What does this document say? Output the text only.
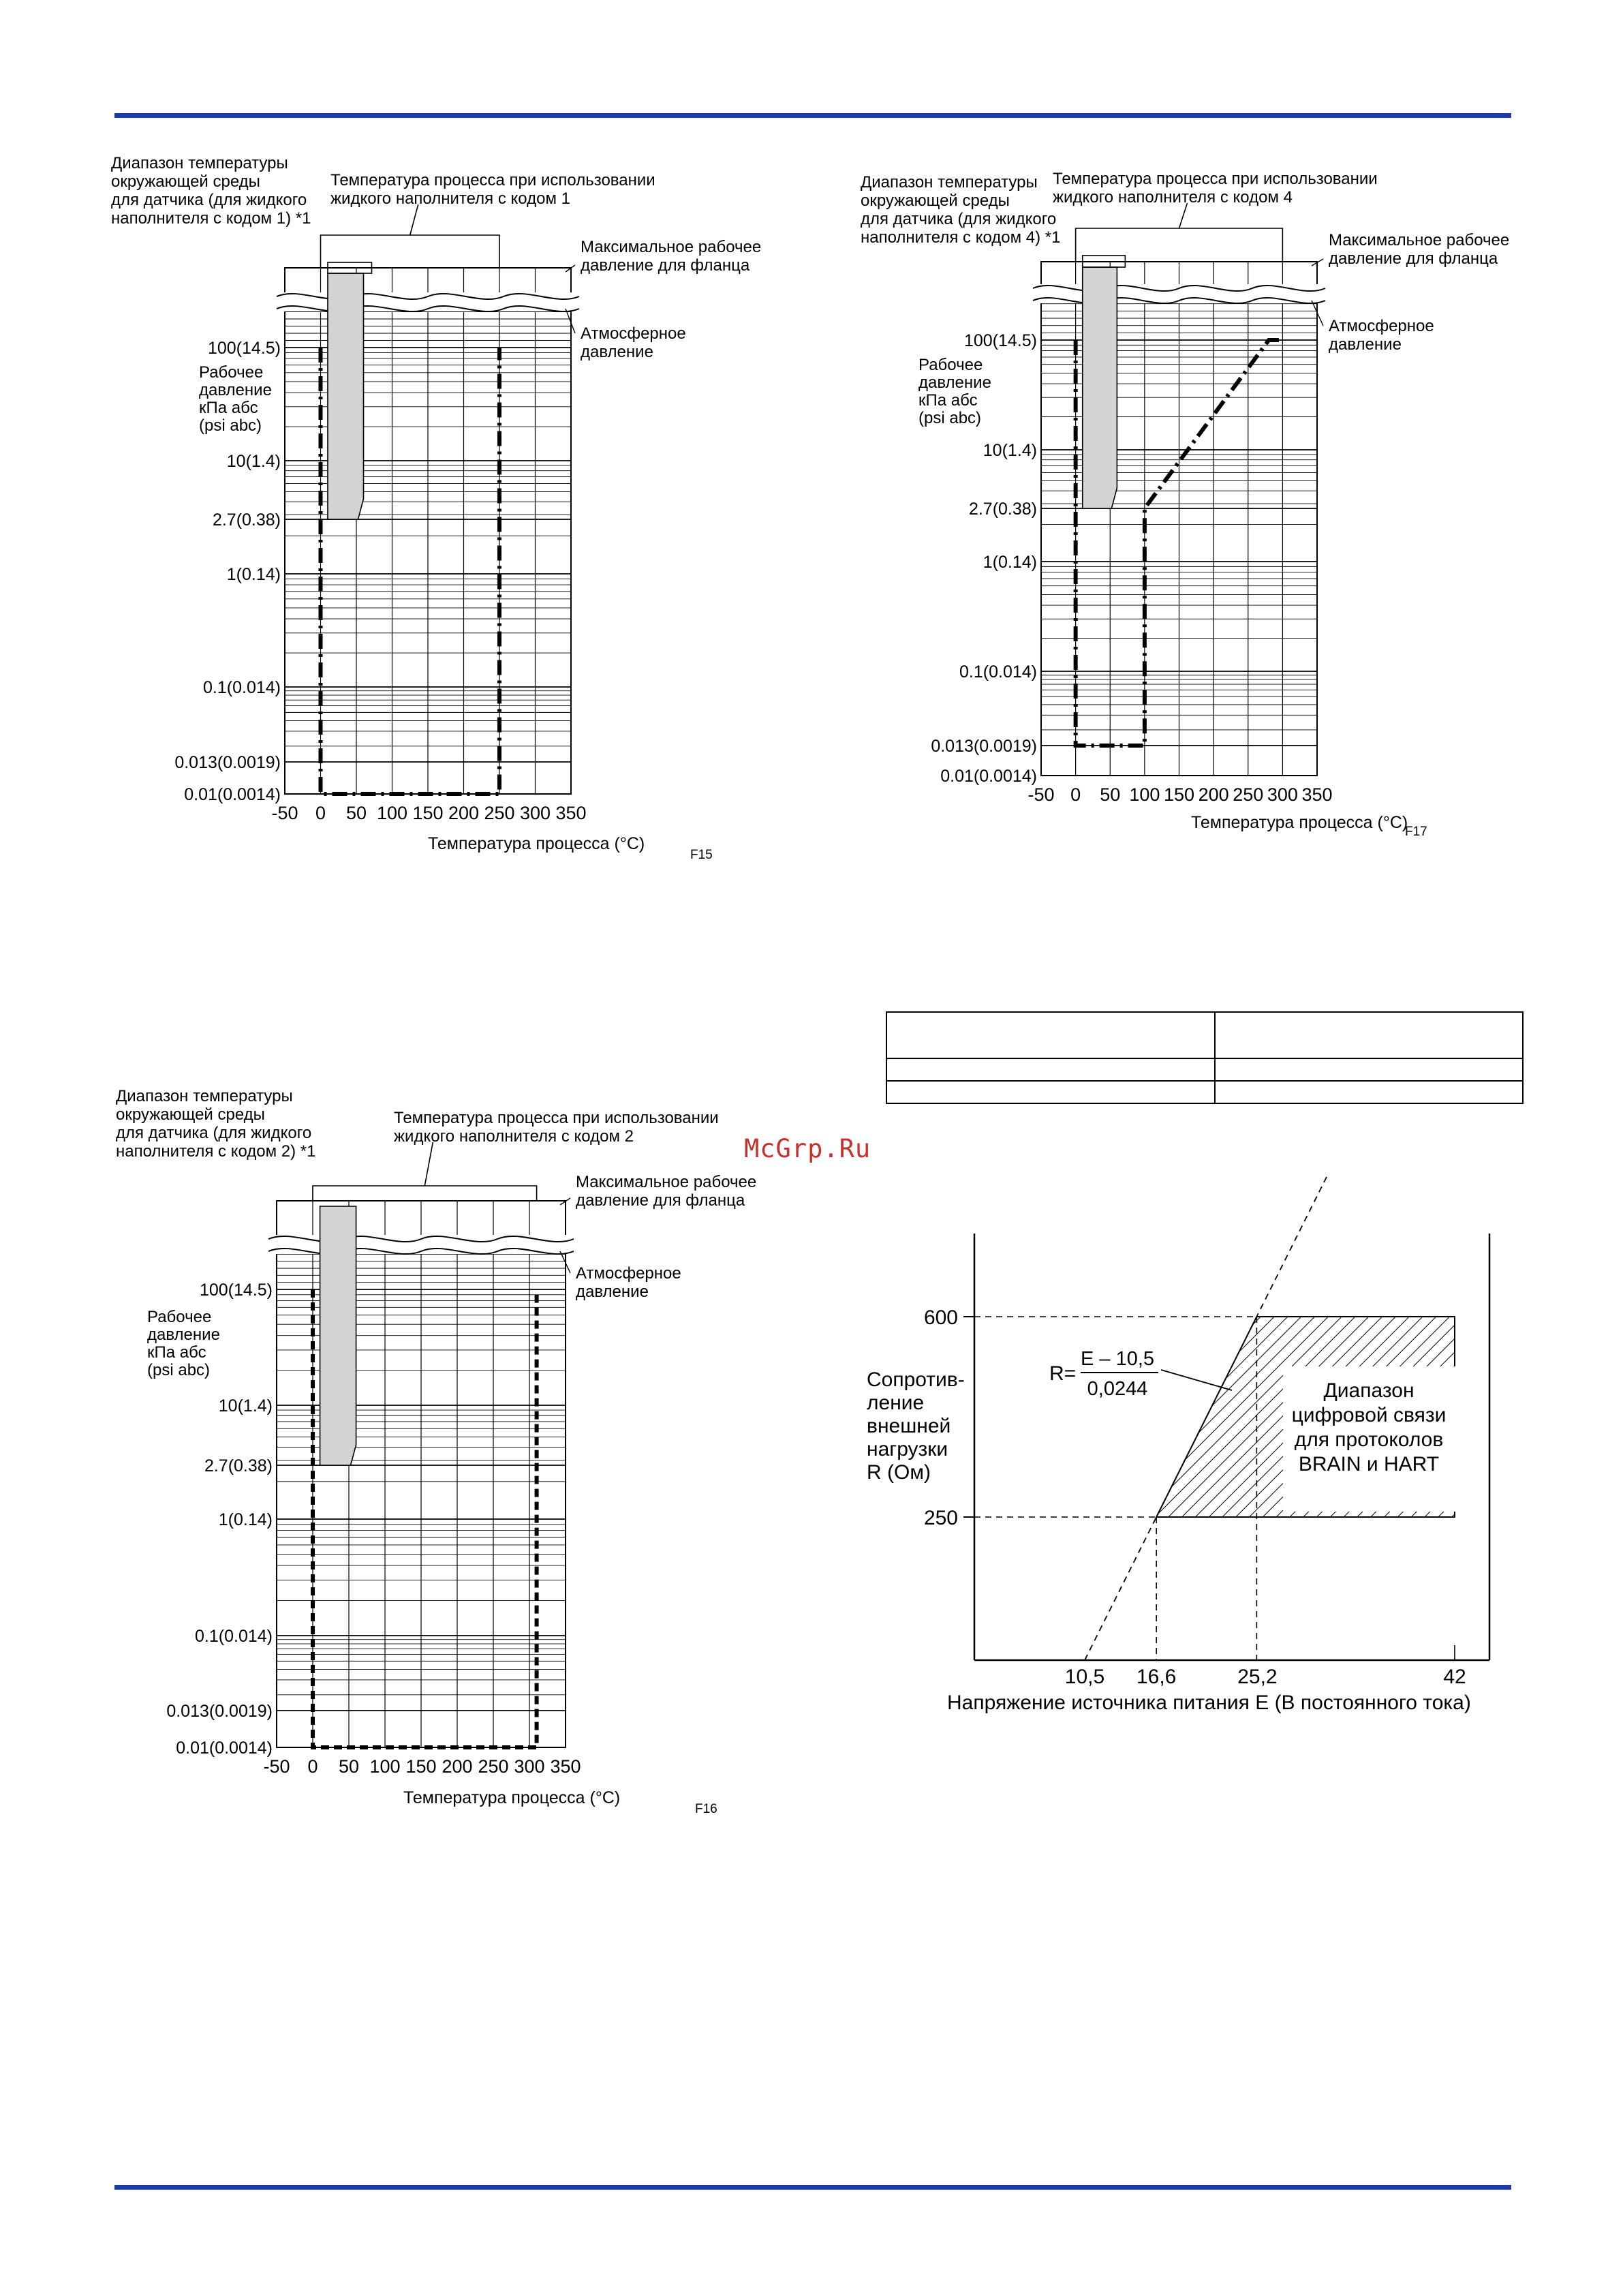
100(14.5)
10(1.4)
2.7(0.38)
1(0.14)
0.1(0.014)
0.013(0.0019)
0.01(0.0014)
-50 0 50 100 150 200 250 300 350
Диапазон температуры
окружающей среды
для датчика (для жидкого
наполнителя с кодом 1) *1
Температура процесса при использовании
жидкого наполнителя с кодом 1
Максимальное рабочее
давление для фланца
Атмосферное
давление
Рабочее
давление
кПа абс
(psi abc)
Температура процесса (°C)
F15
100(14.5)
10(1.4)
2.7(0.38)
1(0.14)
0.1(0.014)
0.013(0.0019)
0.01(0.0014)
-50 0 50 100 150 200 250 300 350
Диапазон температуры
окружающей среды
для датчика (для жидкого
наполнителя с кодом 4) *1
Температура процесса при использовании
жидкого наполнителя с кодом 4
Максимальное рабочее
давление для фланца
Атмосферное
давление
Рабочее
давление
кПа абс
(psi abc)
Температура процесса (°C)
F17
100(14.5)
10(1.4)
2.7(0.38)
1(0.14)
0.1(0.014)
0.013(0.0019)
0.01(0.0014)
-50 0 50 100 150 200 250 300 350
Диапазон температуры
окружающей среды
для датчика (для жидкого
наполнителя с кодом 2) *1
Температура процесса при использовании
жидкого наполнителя с кодом 2
Максимальное рабочее
давление для фланца
Атмосферное
давление
Рабочее
давление
кПа абс
(psi abc)
Температура процесса (°C)
F16
600
250
10,5 16,6	25,2	42
Сопротив-
ление
внешней
нагрузки
R (Ом)
Напряжение источника питания E (В постоянного тока)
R=
E – 10,5
0,0244	Диапазон
цифровой связи
для протоколов
BRAIN и HART

McGrp.Ru
